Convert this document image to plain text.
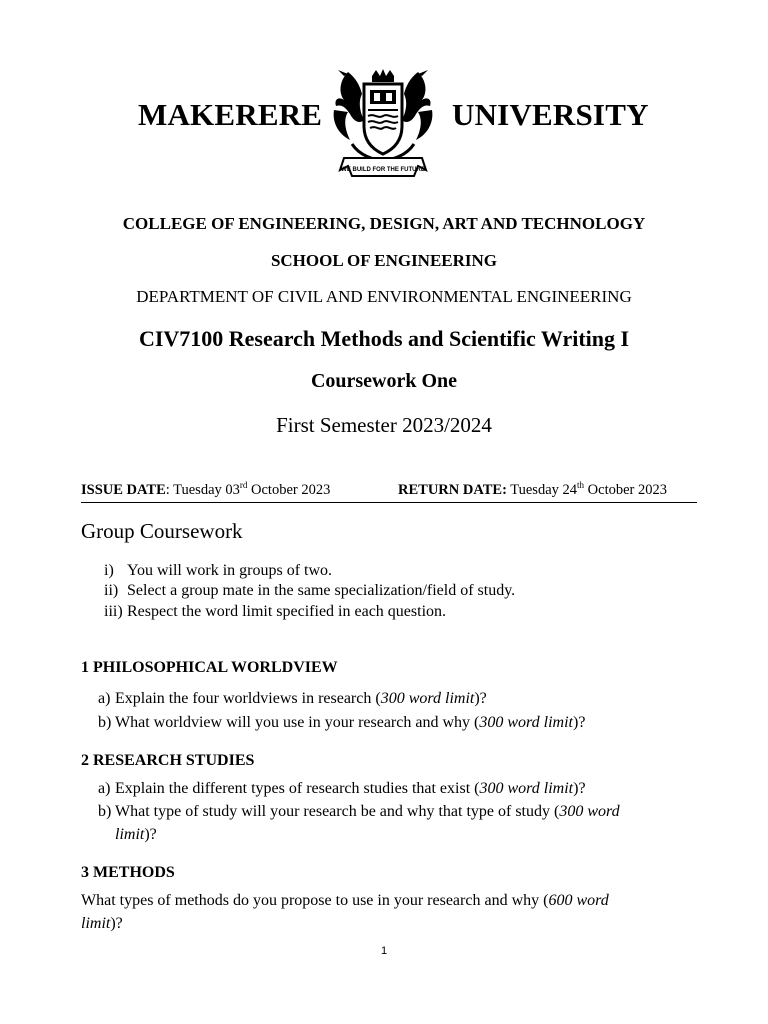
MAKERERE	UNIVERSITY
WE BUILD FOR THE FUTURE
COLLEGE OF ENGINEERING, DESIGN, ART AND TECHNOLOGY
SCHOOL OF ENGINEERING
DEPARTMENT OF CIVIL AND ENVIRONMENTAL ENGINEERING
CIV7100 Research Methods and Scientific Writing I
Coursework One
First Semester 2023/2024
ISSUE DATE: Tuesday 03rd October 2023	RETURN DATE: Tuesday 24th October 2023
Group Coursework
i) You will work in groups of two.
ii) Select a group mate in the same specialization/field of study.
iii) Respect the word limit specified in each question.
1 PHILOSOPHICAL WORLDVIEW
a) Explain the four worldviews in research (300 word limit)?
b) What worldview will you use in your research and why (300 word limit)?
2 RESEARCH STUDIES
a) Explain the different types of research studies that exist (300 word limit)?
b) What type of study will your research be and why that type of study (300 word
limit)?
3 METHODS
What types of methods do you propose to use in your research and why (600 word
limit)?
1
